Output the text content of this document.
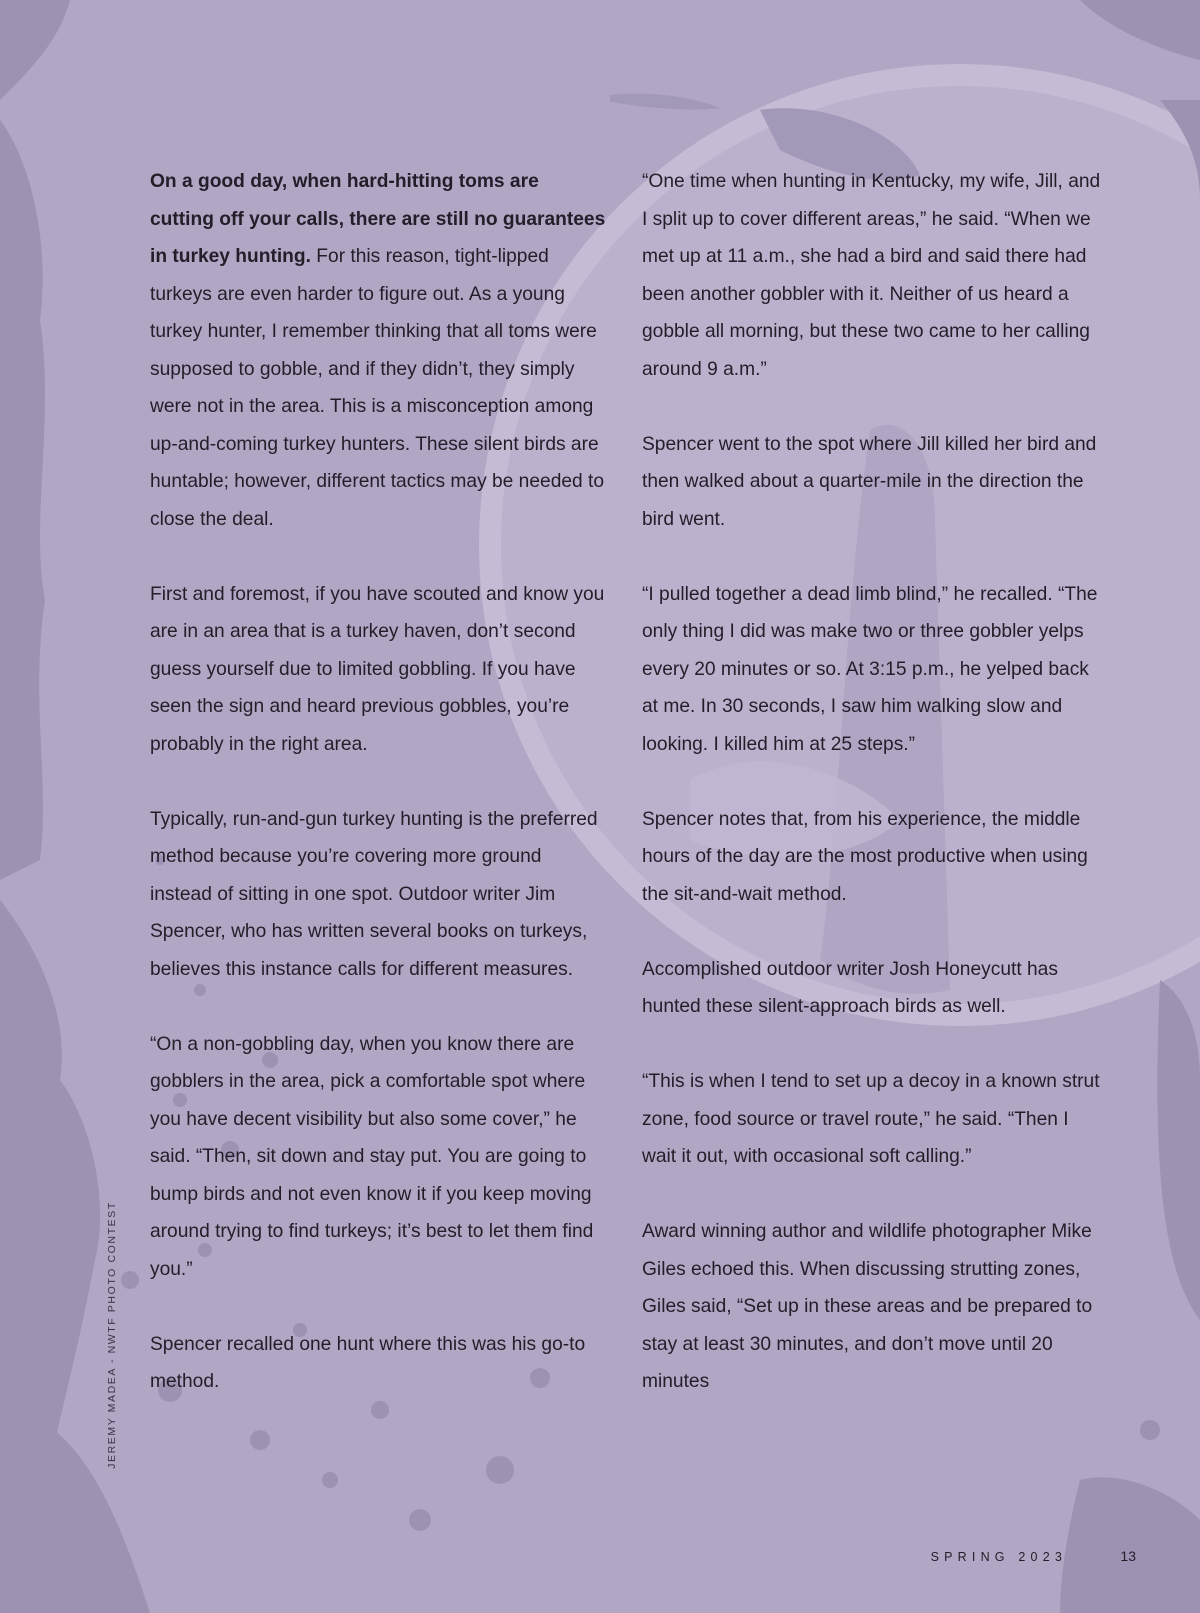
On a good day, when hard-hitting toms are cutting off your calls, there are still no guarantees in turkey hunting. For this reason, tight-lipped turkeys are even harder to figure out. As a young turkey hunter, I remember thinking that all toms were supposed to gobble, and if they didn’t, they simply were not in the area. This is a misconception among up-and-coming turkey hunters. These silent birds are huntable; however, different tactics may be needed to close the deal.

First and foremost, if you have scouted and know you are in an area that is a turkey haven, don’t second guess yourself due to limited gobbling. If you have seen the sign and heard previous gobbles, you’re probably in the right area.

Typically, run-and-gun turkey hunting is the preferred method because you’re covering more ground instead of sitting in one spot. Outdoor writer Jim Spencer, who has written several books on turkeys, believes this instance calls for different measures.

“On a non-gobbling day, when you know there are gobblers in the area, pick a comfortable spot where you have decent visibility but also some cover,” he said. “Then, sit down and stay put. You are going to bump birds and not even know it if you keep moving around trying to find turkeys; it’s best to let them find you.”

Spencer recalled one hunt where this was his go-to method.

“One time when hunting in Kentucky, my wife, Jill, and I split up to cover different areas,” he said. “When we met up at 11 a.m., she had a bird and said there had been another gobbler with it. Neither of us heard a gobble all morning, but these two came to her calling around 9 a.m.”

Spencer went to the spot where Jill killed her bird and then walked about a quarter-mile in the direction the bird went.

“I pulled together a dead limb blind,” he recalled. “The only thing I did was make two or three gobbler yelps every 20 minutes or so. At 3:15 p.m., he yelped back at me. In 30 seconds, I saw him walking slow and looking. I killed him at 25 steps.”

Spencer notes that, from his experience, the middle hours of the day are the most productive when using the sit-and-wait method.

Accomplished outdoor writer Josh Honeycutt has hunted these silent-approach birds as well.

“This is when I tend to set up a decoy in a known strut zone, food source or travel route,” he said. “Then I wait it out, with occasional soft calling.”

Award winning author and wildlife photographer Mike Giles echoed this. When discussing strutting zones, Giles said, “Set up in these areas and be prepared to stay at least 30 minutes, and don’t move until 20 minutes

JEREMY MADEA - NWTF PHOTO CONTEST
SPRING 2023	13
